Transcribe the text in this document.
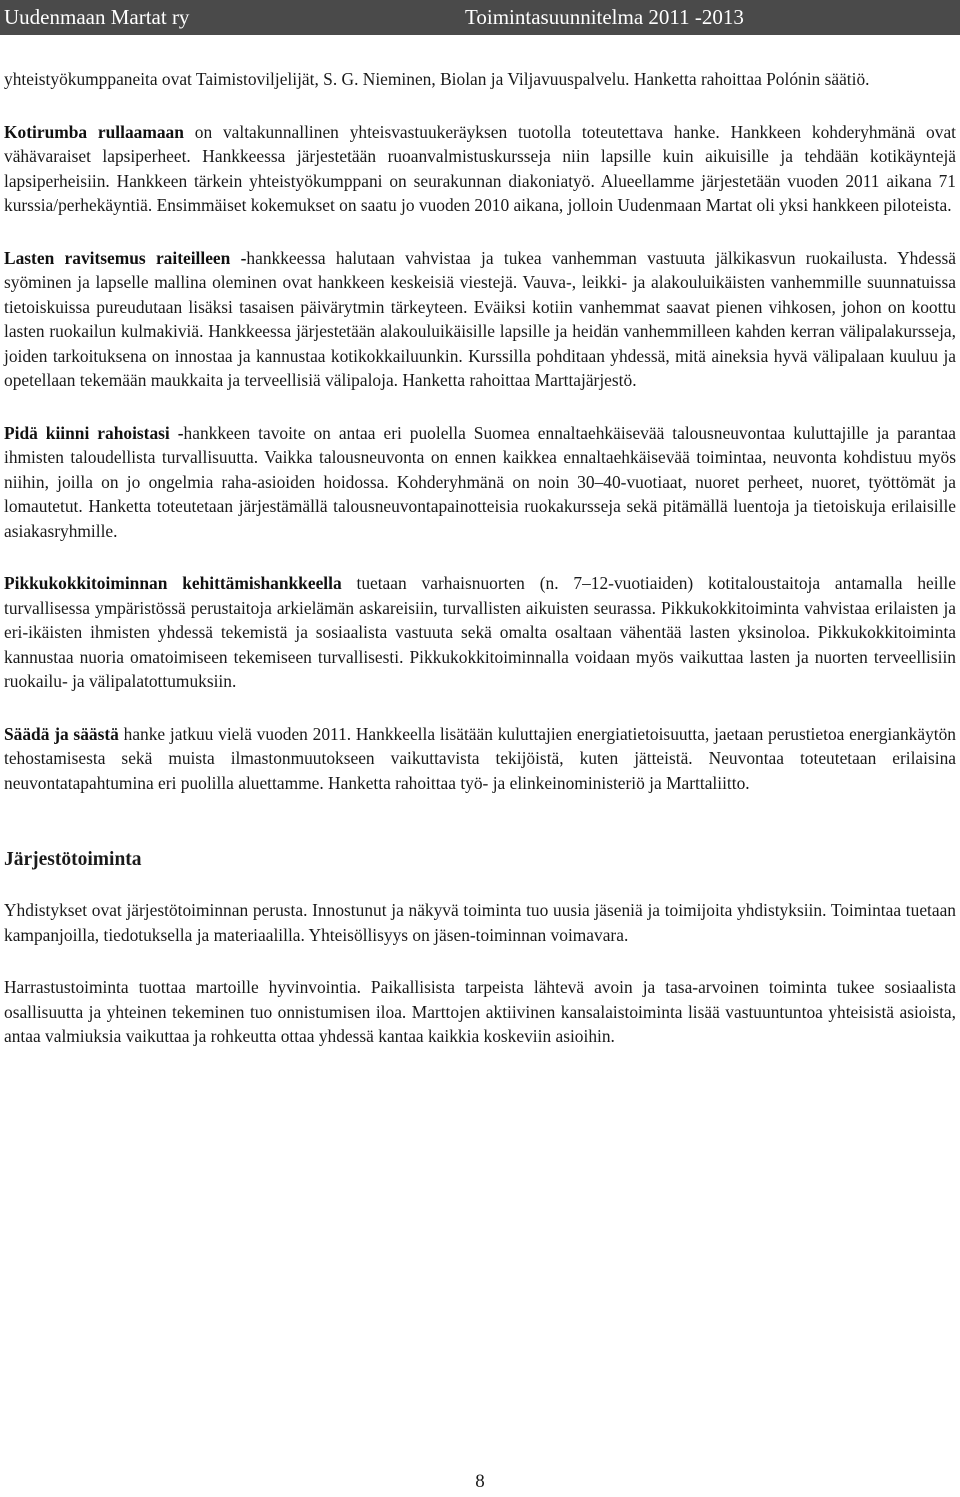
Uudenmaan Martat ry	Toimintasuunnitelma 2011 -2013

yhteistyökumppaneita ovat Taimistoviljelijät, S. G. Nieminen, Biolan ja Viljavuuspalvelu. Hanketta rahoittaa Polónin säätiö.

Kotirumba rullaamaan on valtakunnallinen yhteisvastuukeräyksen tuotolla toteutettava hanke. Hankkeen kohderyhmänä ovat vähävaraiset lapsiperheet. Hankkeessa järjestetään ruoanvalmistuskursseja niin lapsille kuin aikuisille ja tehdään kotikäyntejä lapsiperheisiin. Hankkeen tärkein yhteistyökumppani on seurakunnan diakoniatyö. Alueellamme järjestetään vuoden 2011 aikana 71 kurssia/perhekäyntiä. Ensimmäiset kokemukset on saatu jo vuoden 2010 aikana, jolloin Uudenmaan Martat oli yksi hankkeen piloteista.

Lasten ravitsemus raiteilleen -hankkeessa halutaan vahvistaa ja tukea vanhemman vastuuta jälkikasvun ruokailusta. Yhdessä syöminen ja lapselle mallina oleminen ovat hankkeen keskeisiä viestejä. Vauva-, leikki- ja alakouluikäisten vanhemmille suunnatuissa tietoiskuissa pureudutaan lisäksi tasaisen päivärytmin tärkeyteen. Eväiksi kotiin vanhemmat saavat pienen vihkosen, johon on koottu lasten ruokailun kulmakiviä. Hankkeessa järjestetään alakouluikäisille lapsille ja heidän vanhemmilleen kahden kerran välipalakursseja, joiden tarkoituksena on innostaa ja kannustaa kotikokkailuunkin. Kurssilla pohditaan yhdessä, mitä aineksia hyvä välipalaan kuuluu ja opetellaan tekemään maukkaita ja terveellisiä välipaloja. Hanketta rahoittaa Marttajärjestö.

Pidä kiinni rahoistasi -hankkeen tavoite on antaa eri puolella Suomea ennaltaehkäisevää talousneuvontaa kuluttajille ja parantaa ihmisten taloudellista turvallisuutta. Vaikka talousneuvonta on ennen kaikkea ennaltaehkäisevää toimintaa, neuvonta kohdistuu myös niihin, joilla on jo ongelmia raha-asioiden hoidossa. Kohderyhmänä on noin 30–40-vuotiaat, nuoret perheet, nuoret, työttömät ja lomautetut. Hanketta toteutetaan järjestämällä talousneuvontapainotteisia ruokakursseja sekä pitämällä luentoja ja tietoiskuja erilaisille asiakasryhmille.

Pikkukokkitoiminnan kehittämishankkeella tuetaan varhaisnuorten (n. 7–12-vuotiaiden) kotitaloustaitoja antamalla heille turvallisessa ympäristössä perustaitoja arkielämän askareisiin, turvallisten aikuisten seurassa. Pikkukokkitoiminta vahvistaa erilaisten ja eri-ikäisten ihmisten yhdessä tekemistä ja sosiaalista vastuuta sekä omalta osaltaan vähentää lasten yksinoloa. Pikkukokkitoiminta kannustaa nuoria omatoimiseen tekemiseen turvallisesti. Pikkukokkitoiminnalla voidaan myös vaikuttaa lasten ja nuorten terveellisiin ruokailu- ja välipalatottumuksiin.

Säädä ja säästä hanke jatkuu vielä vuoden 2011. Hankkeella lisätään kuluttajien energiatietoisuutta, jaetaan perustietoa energiankäytön tehostamisesta sekä muista ilmastonmuutokseen vaikuttavista tekijöistä, kuten jätteistä. Neuvontaa toteutetaan erilaisina neuvontatapahtumina eri puolilla aluettamme. Hanketta rahoittaa työ- ja elinkeinoministeriö ja Marttaliitto.

Järjestötoiminta

Yhdistykset ovat järjestötoiminnan perusta. Innostunut ja näkyvä toiminta tuo uusia jäseniä ja toimijoita yhdistyksiin. Toimintaa tuetaan kampanjoilla, tiedotuksella ja materiaalilla. Yhteisöllisyys on jäsen-toiminnan voimavara.

Harrastustoiminta tuottaa martoille hyvinvointia. Paikallisista tarpeista lähtevä avoin ja tasa-arvoinen toiminta tukee sosiaalista osallisuutta ja yhteinen tekeminen tuo onnistumisen iloa. Marttojen aktiivinen kansalaistoiminta lisää vastuuntuntoa yhteisistä asioista, antaa valmiuksia vaikuttaa ja rohkeutta ottaa yhdessä kantaa kaikkia koskeviin asioihin.

8
